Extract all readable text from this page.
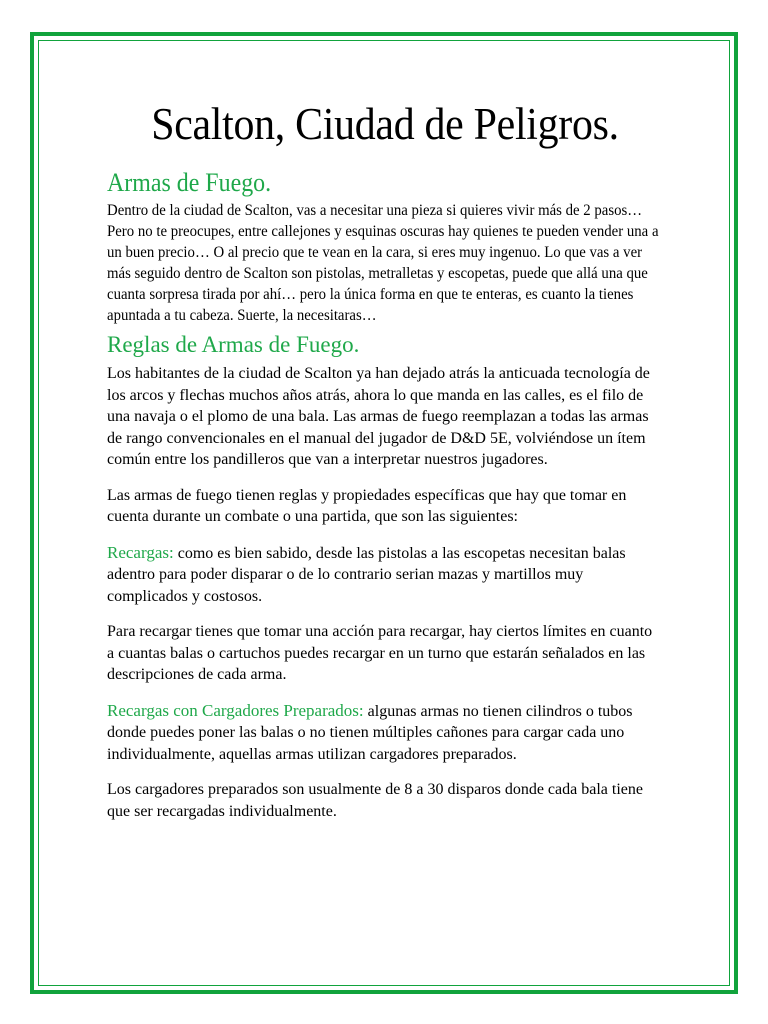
Scalton, Ciudad de Peligros.
Armas de Fuego.

Dentro de la ciudad de Scalton, vas a necesitar una pieza si quieres vivir más de 2 pasos… Pero no te preocupes, entre callejones y esquinas oscuras hay quienes te pueden vender una a un buen precio… O al precio que te vean en la cara, si eres muy ingenuo. Lo que vas a ver más seguido dentro de Scalton son pistolas, metralletas y escopetas, puede que allá una que cuanta sorpresa tirada por ahí… pero la única forma en que te enteras, es cuanto la tienes apuntada a tu cabeza. Suerte, la necesitaras…

Reglas de Armas de Fuego.

Los habitantes de la ciudad de Scalton ya han dejado atrás la anticuada tecnología de los arcos y flechas muchos años atrás, ahora lo que manda en las calles, es el filo de una navaja o el plomo de una bala. Las armas de fuego reemplazan a todas las armas de rango convencionales en el manual del jugador de D&D 5E, volviéndose un ítem común entre los pandilleros que van a interpretar nuestros jugadores.

Las armas de fuego tienen reglas y propiedades específicas que hay que tomar en cuenta durante un combate o una partida, que son las siguientes:

Recargas: como es bien sabido, desde las pistolas a las escopetas necesitan balas adentro para poder disparar o de lo contrario serian mazas y martillos muy complicados y costosos.

Para recargar tienes que tomar una acción para recargar, hay ciertos límites en cuanto a cuantas balas o cartuchos puedes recargar en un turno que estarán señalados en las descripciones de cada arma.

Recargas con Cargadores Preparados: algunas armas no tienen cilindros o tubos donde puedes poner las balas o no tienen múltiples cañones para cargar cada uno individualmente, aquellas armas utilizan cargadores preparados.

Los cargadores preparados son usualmente de 8 a 30 disparos donde cada bala tiene que ser recargadas individualmente.
